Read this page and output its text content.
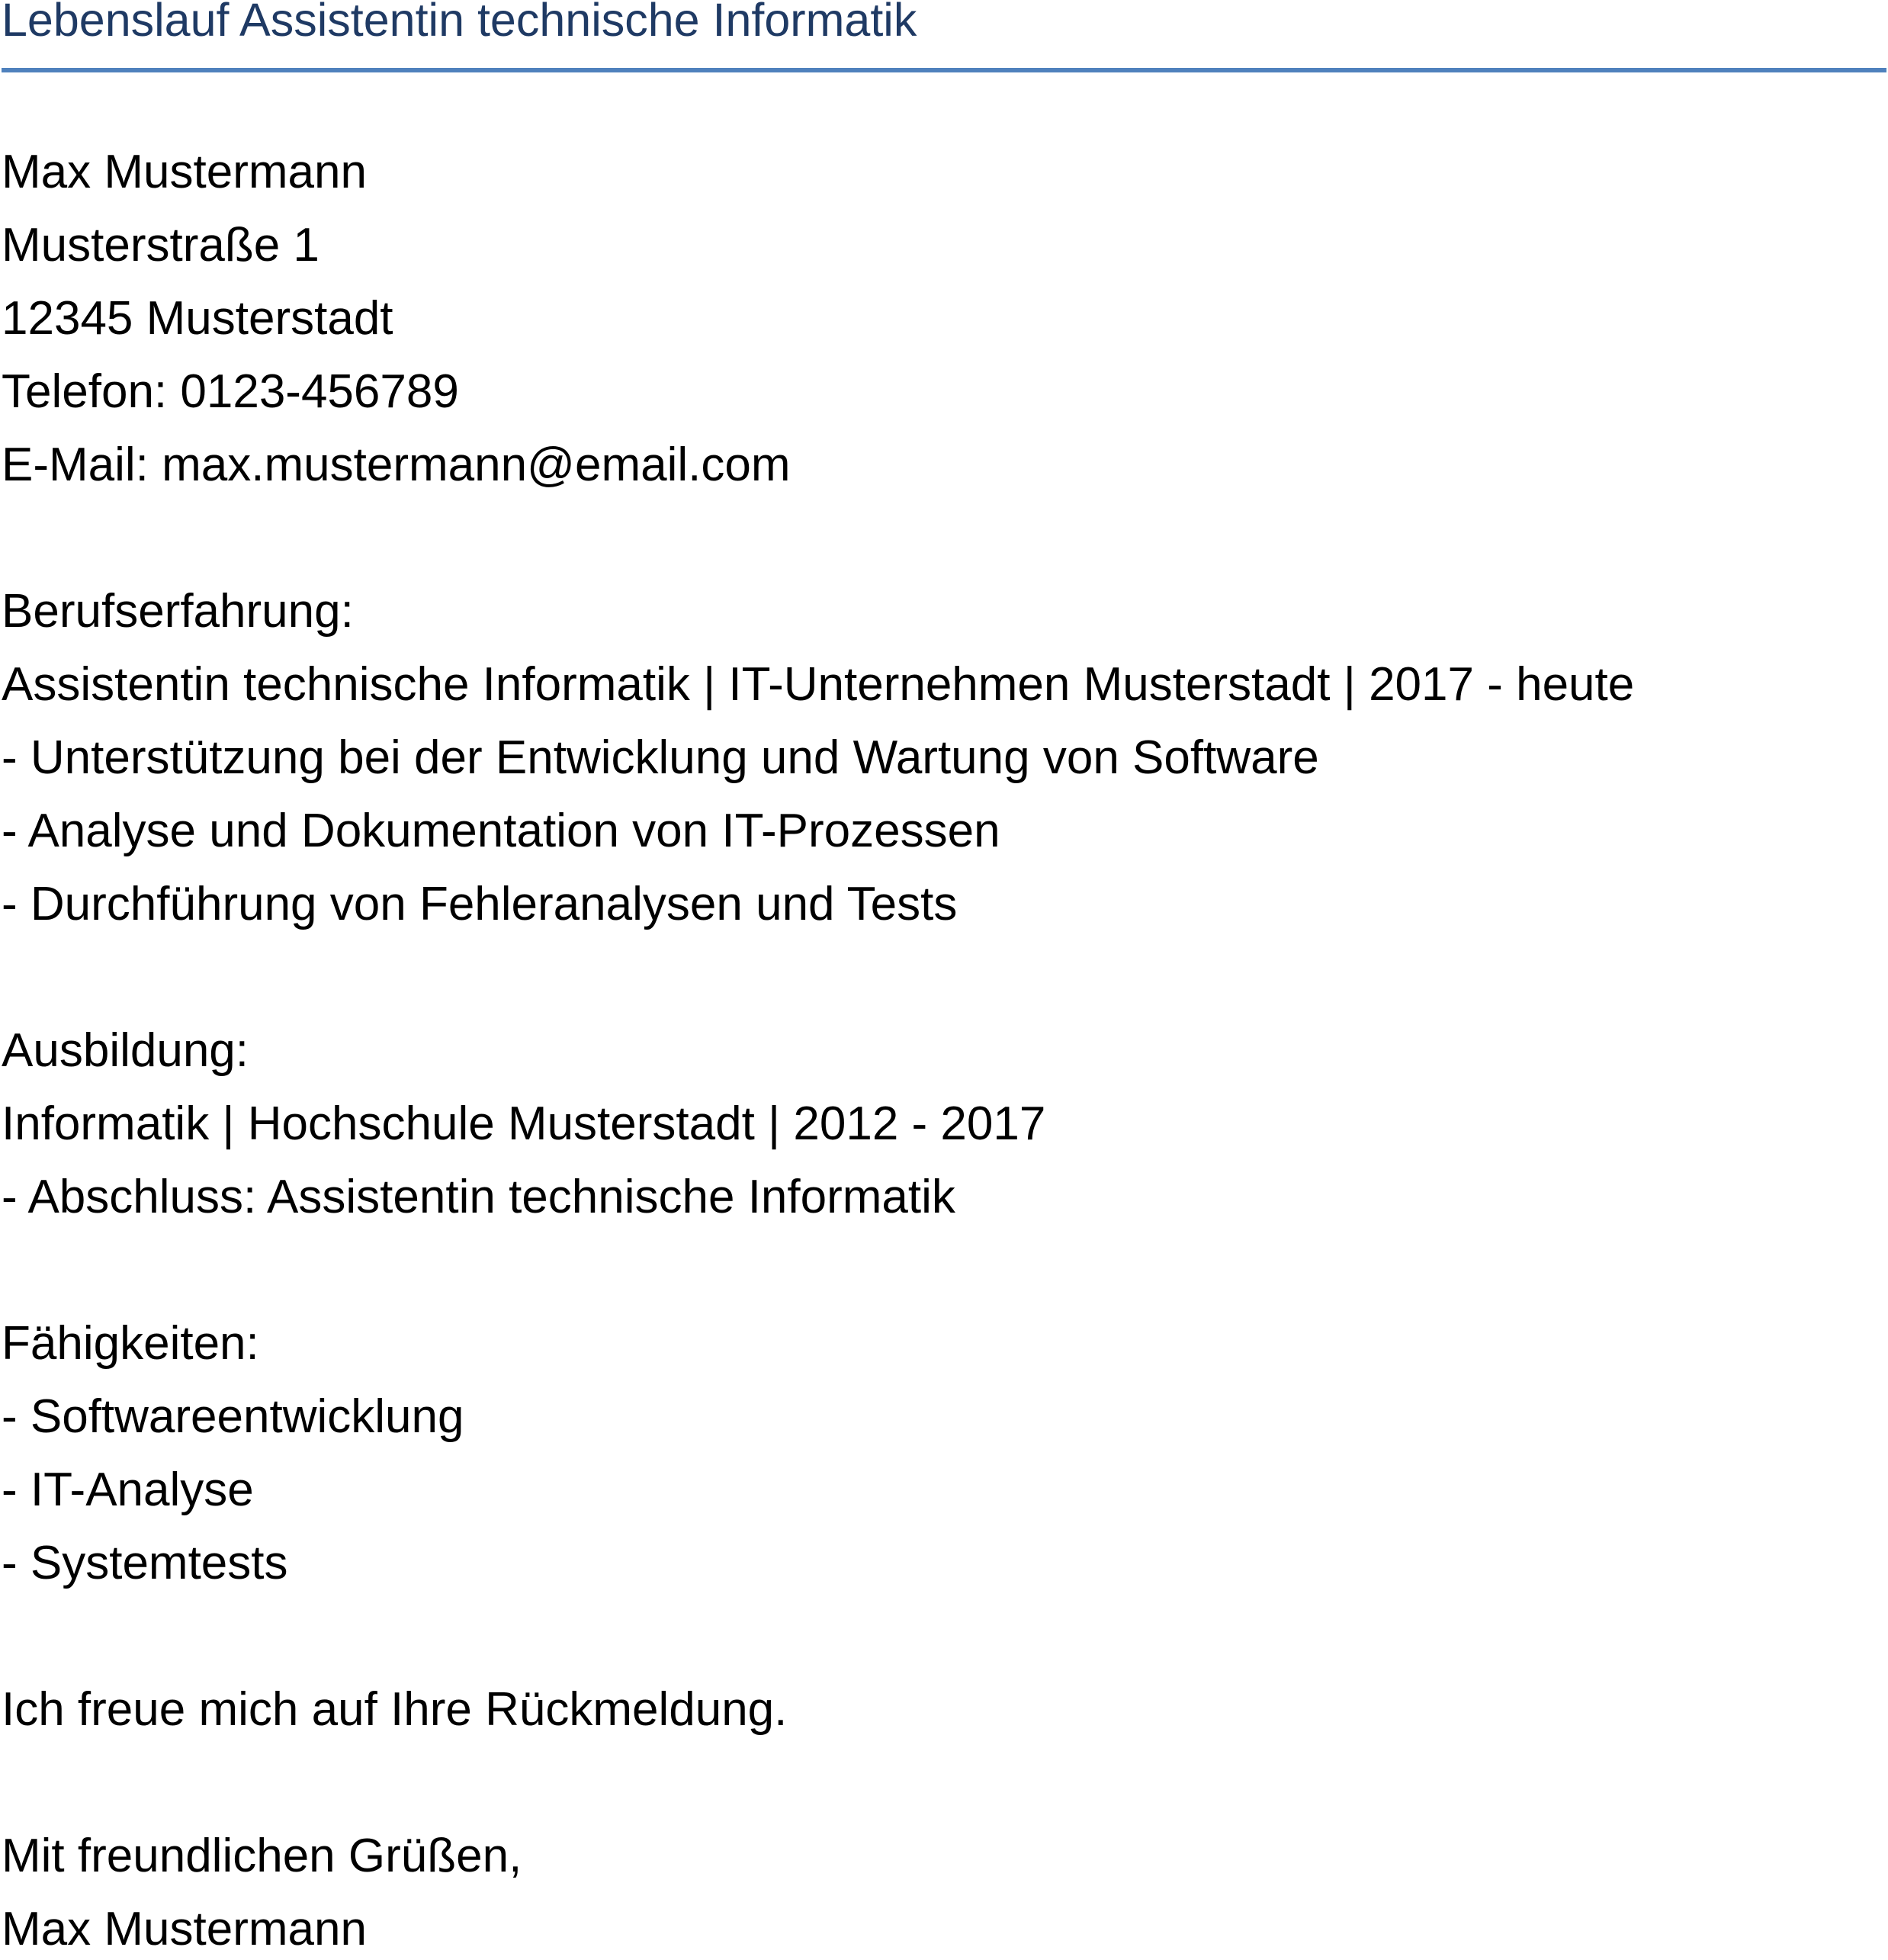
Lebenslauf Assistentin technische Informatik
Max Mustermann
Musterstraße 1
12345 Musterstadt
Telefon: 0123-456789
E-Mail: max.mustermann@email.com
Berufserfahrung:
Assistentin technische Informatik | IT-Unternehmen Musterstadt | 2017 - heute
- Unterstützung bei der Entwicklung und Wartung von Software
- Analyse und Dokumentation von IT-Prozessen
- Durchführung von Fehleranalysen und Tests
Ausbildung:
Informatik | Hochschule Musterstadt | 2012 - 2017
- Abschluss: Assistentin technische Informatik
Fähigkeiten:
- Softwareentwicklung
- IT-Analyse
- Systemtests
Ich freue mich auf Ihre Rückmeldung.
Mit freundlichen Grüßen,
Max Mustermann
